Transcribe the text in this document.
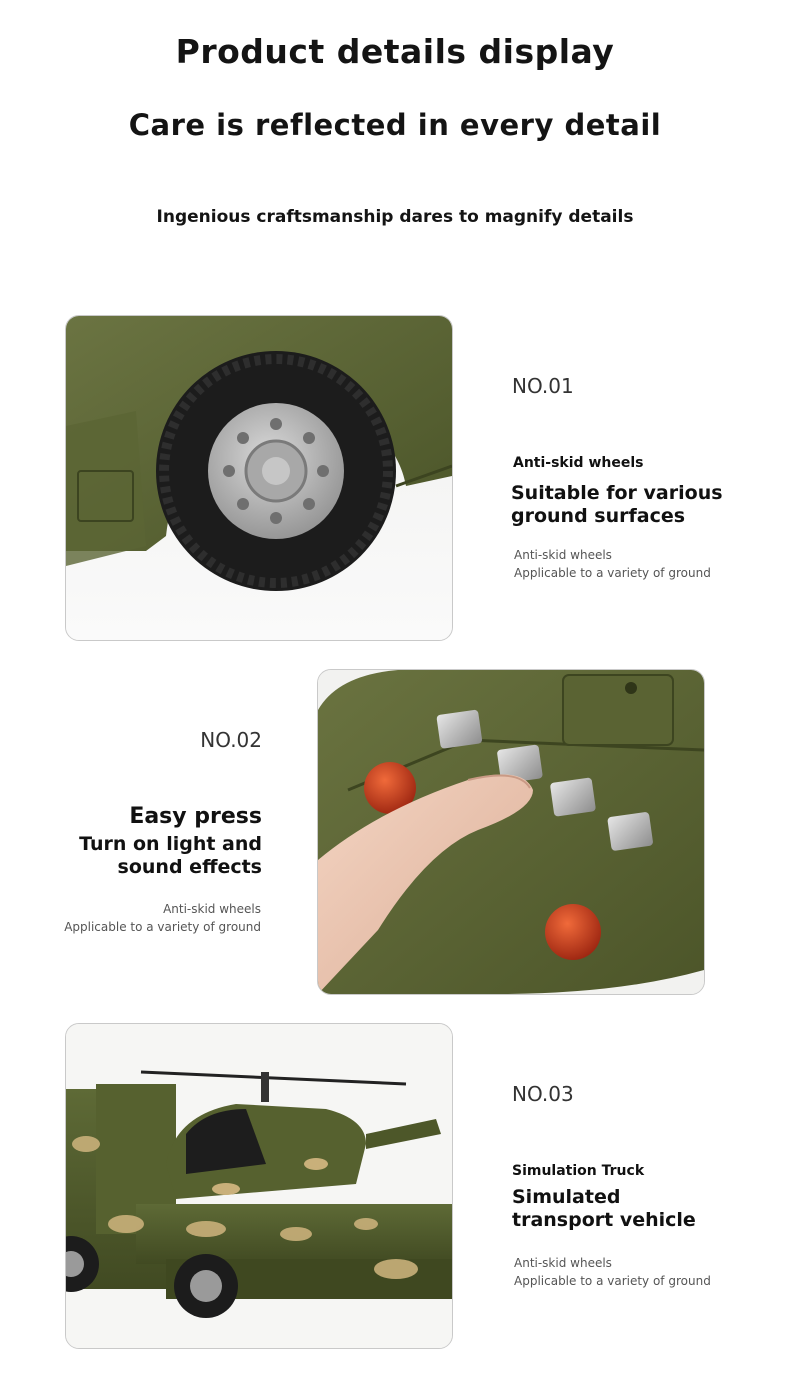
Product details display
Care is reflected in every detail
Ingenious craftsmanship dares to magnify details
NO.01
Anti-skid wheels
Suitable for various
ground surfaces
Anti-skid wheels
Applicable to a variety of ground
NO.02
Easy press
Turn on light and
sound effects
Anti-skid wheels
Applicable to a variety of ground
NO.03
Simulation Truck
Simulated
transport vehicle
Anti-skid wheels
Applicable to a variety of ground
